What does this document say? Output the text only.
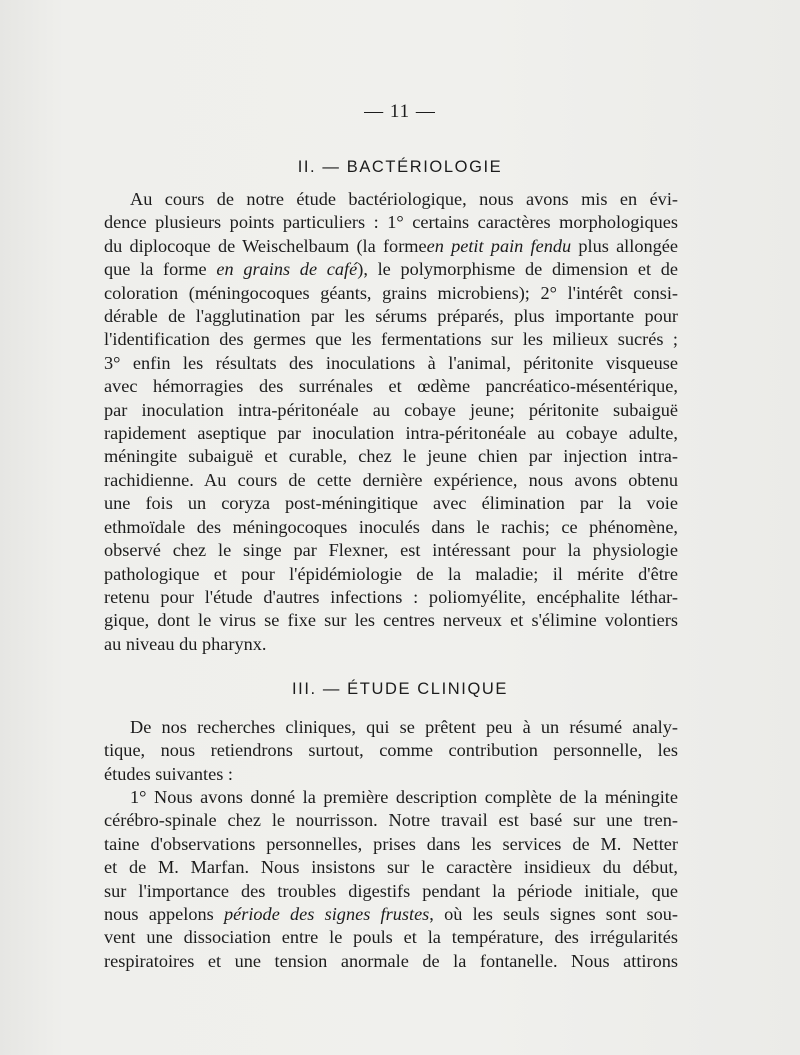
— 11 —
II. — BACTÉRIOLOGIE
Au cours de notre étude bactériologique, nous avons mis en évi-
dence plusieurs points particuliers : 1° certains caractères morphologiques
du diplocoque de Weischelbaum (la formeen petit pain fendu plus allongée
que la forme en grains de café), le polymorphisme de dimension et de
coloration (méningocoques géants, grains microbiens); 2° l'intérêt consi-
dérable de l'agglutination par les sérums préparés, plus importante pour
l'identification des germes que les fermentations sur les milieux sucrés ;
3° enfin les résultats des inoculations à l'animal, péritonite visqueuse
avec hémorragies des surrénales et œdème pancréatico-mésentérique,
par inoculation intra-péritonéale au cobaye jeune; péritonite subaiguë
rapidement aseptique par inoculation intra-péritonéale au cobaye adulte,
méningite subaiguë et curable, chez le jeune chien par injection intra-
rachidienne. Au cours de cette dernière expérience, nous avons obtenu
une fois un coryza post-méningitique avec élimination par la voie
ethmoïdale des méningocoques inoculés dans le rachis; ce phénomène,
observé chez le singe par Flexner, est intéressant pour la physiologie
pathologique et pour l'épidémiologie de la maladie; il mérite d'être
retenu pour l'étude d'autres infections : poliomyélite, encéphalite léthar-
gique, dont le virus se fixe sur les centres nerveux et s'élimine volontiers
au niveau du pharynx.
III. — ÉTUDE CLINIQUE
De nos recherches cliniques, qui se prêtent peu à un résumé analy-
tique, nous retiendrons surtout, comme contribution personnelle, les
études suivantes :
1° Nous avons donné la première description complète de la méningite
cérébro-spinale chez le nourrisson. Notre travail est basé sur une tren-
taine d'observations personnelles, prises dans les services de M. Netter
et de M. Marfan. Nous insistons sur le caractère insidieux du début,
sur l'importance des troubles digestifs pendant la période initiale, que
nous appelons période des signes frustes, où les seuls signes sont sou-
vent une dissociation entre le pouls et la température, des irrégularités
respiratoires et une tension anormale de la fontanelle. Nous attirons
